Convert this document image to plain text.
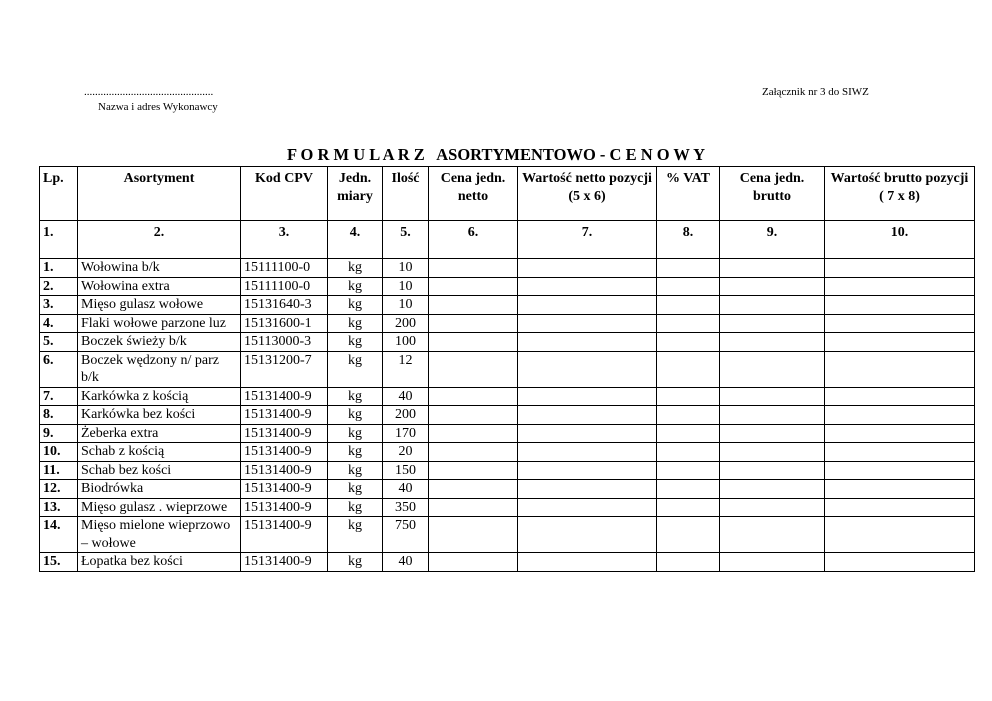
...............................................
Nazwa i adres Wykonawcy
Załącznik nr 3 do SIWZ
F O R M U L A R Z   ASORTYMENTOWO - C E N O W Y
Lp.	Asortyment	Kod CPV	Jedn. miary	Ilość	Cena jedn. netto	Wartość netto pozycji (5 x 6)	% VAT	Cena jedn. brutto	Wartość brutto pozycji ( 7 x 8)
1.	2.	3.	4.	5.	6.	7.	8.	9.	10.
1.	Wołowina b/k	15111100-0	kg	10					
2.	Wołowina extra	15111100-0	kg	10					
3.	Mięso gulasz wołowe	15131640-3	kg	10					
4.	Flaki wołowe parzone luz	15131600-1	kg	200					
5.	Boczek świeży b/k	15113000-3	kg	100					
6.	Boczek wędzony n/ parz b/k	15131200-7	kg	12					
7.	Karkówka z kością	15131400-9	kg	40					
8.	Karkówka bez kości	15131400-9	kg	200					
9.	Żeberka extra	15131400-9	kg	170					
10.	Schab z kością	15131400-9	kg	20					
11.	Schab bez kości	15131400-9	kg	150					
12.	Biodrówka	15131400-9	kg	40					
13.	Mięso gulasz . wieprzowe	15131400-9	kg	350					
14.	Mięso mielone wieprzowo – wołowe	15131400-9	kg	750					
15.	Łopatka bez kości	15131400-9	kg	40					
